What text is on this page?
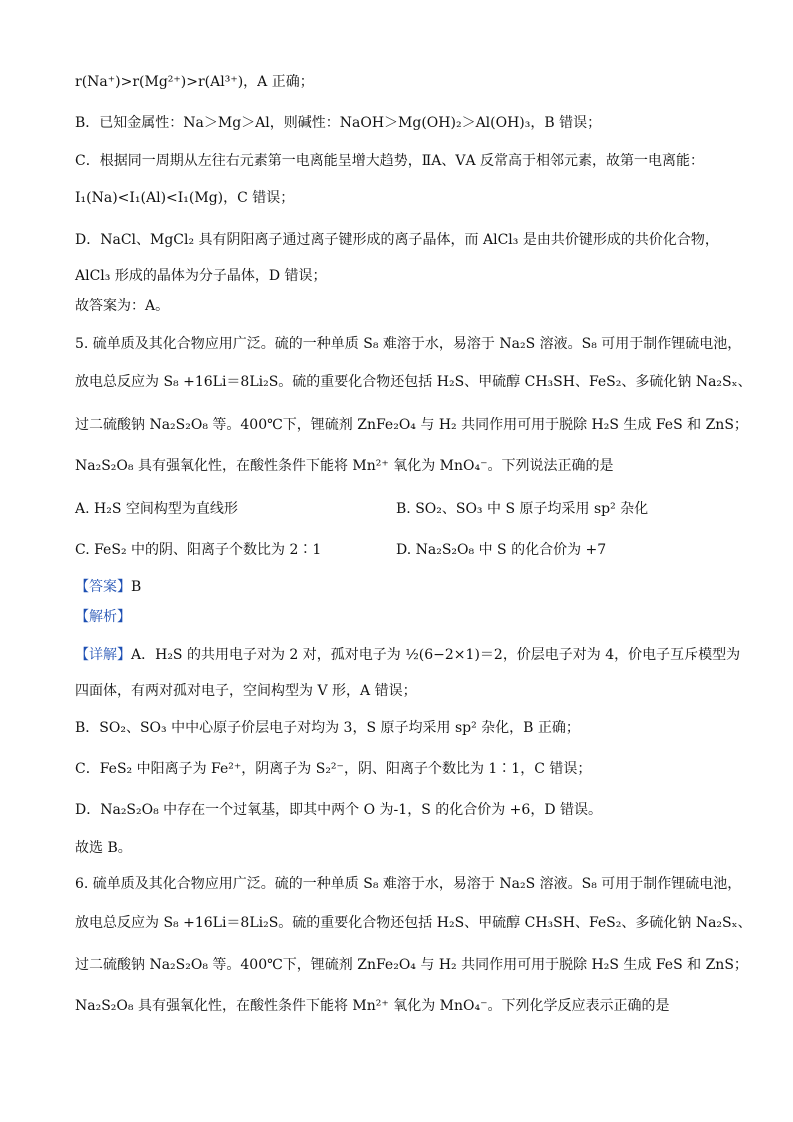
r(Na⁺)>r(Mg²⁺)>r(Al³⁺)，A 正确；
B．已知金属性：Na＞Mg＞Al，则碱性：NaOH＞Mg(OH)₂＞Al(OH)₃，B 错误；
C．根据同一周期从左往右元素第一电离能呈增大趋势，ⅡA、ⅤA 反常高于相邻元素，故第一电离能：
I₁(Na)<I₁(Al)<I₁(Mg)，C 错误；
D．NaCl、MgCl₂ 具有阴阳离子通过离子键形成的离子晶体，而 AlCl₃ 是由共价键形成的共价化合物，
AlCl₃ 形成的晶体为分子晶体，D 错误；
故答案为：A。
5. 硫单质及其化合物应用广泛。硫的一种单质 S₈ 难溶于水，易溶于 Na₂S 溶液。S₈ 可用于制作锂硫电池，
放电总反应为 S₈ +16Li＝8Li₂S。硫的重要化合物还包括 H₂S、甲硫醇 CH₃SH、FeS₂、多硫化钠 Na₂Sₓ、
过二硫酸钠 Na₂S₂O₈ 等。400℃下，锂硫剂 ZnFe₂O₄ 与 H₂ 共同作用可用于脱除 H₂S 生成 FeS 和 ZnS；
Na₂S₂O₈ 具有强氧化性，在酸性条件下能将 Mn²⁺ 氧化为 MnO₄⁻。下列说法正确的是
A. H₂S 空间构型为直线形	B. SO₂、SO₃ 中 S 原子均采用 sp² 杂化
C. FeS₂ 中的阴、阳离子个数比为 2∶1	D. Na₂S₂O₈ 中 S 的化合价为 +7
【答案】B
【解析】
【详解】A．H₂S 的共用电子对为 2 对，孤对电子为 ½(6−2×1)＝2，价层电子对为 4，价电子互斥模型为
四面体，有两对孤对电子，空间构型为 V 形，A 错误；
B．SO₂、SO₃ 中中心原子价层电子对均为 3，S 原子均采用 sp² 杂化，B 正确；
C．FeS₂ 中阳离子为 Fe²⁺，阴离子为 S₂²⁻，阴、阳离子个数比为 1∶1，C 错误；
D．Na₂S₂O₈ 中存在一个过氧基，即其中两个 O 为-1，S 的化合价为 +6，D 错误。
故选 B。
6. 硫单质及其化合物应用广泛。硫的一种单质 S₈ 难溶于水，易溶于 Na₂S 溶液。S₈ 可用于制作锂硫电池，
放电总反应为 S₈ +16Li＝8Li₂S。硫的重要化合物还包括 H₂S、甲硫醇 CH₃SH、FeS₂、多硫化钠 Na₂Sₓ、
过二硫酸钠 Na₂S₂O₈ 等。400℃下，锂硫剂 ZnFe₂O₄ 与 H₂ 共同作用可用于脱除 H₂S 生成 FeS 和 ZnS；
Na₂S₂O₈ 具有强氧化性，在酸性条件下能将 Mn²⁺ 氧化为 MnO₄⁻。下列化学反应表示正确的是
